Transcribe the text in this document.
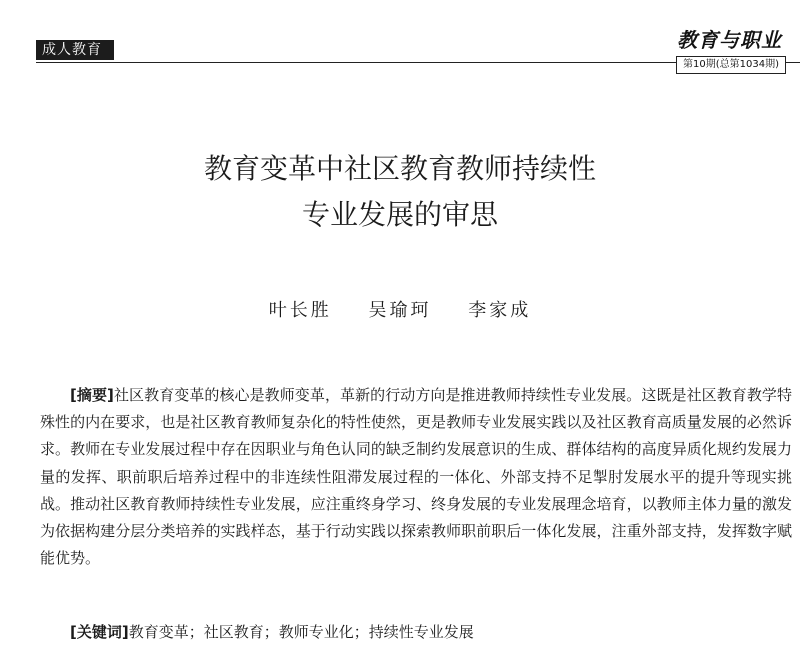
成人教育	教育与职业
第10期(总第1034期)
教育变革中社区教育教师持续性
专业发展的审思
叶长胜 吴瑜珂 李家成

[摘要]社区教育变革的核心是教师变革，革新的行动方向是推进教师持续性专业发展。这既是社区教育教学特殊性的内在要求，也是社区教育教师复杂化的特性使然，更是教师专业发展实践以及社区教育高质量发展的必然诉求。教师在专业发展过程中存在因职业与角色认同的缺乏制约发展意识的生成、群体结构的高度异质化规约发展力量的发挥、职前职后培养过程中的非连续性阻滞发展过程的一体化、外部支持不足掣肘发展水平的提升等现实挑战。推动社区教育教师持续性专业发展，应注重终身学习、终身发展的专业发展理念培育，以教师主体力量的激发为依据构建分层分类培养的实践样态，基于行动实践以探索教师职前职后一体化发展，注重外部支持，发挥数字赋能优势。

[关键词]教育变革；社区教育；教师专业化；持续性专业发展
